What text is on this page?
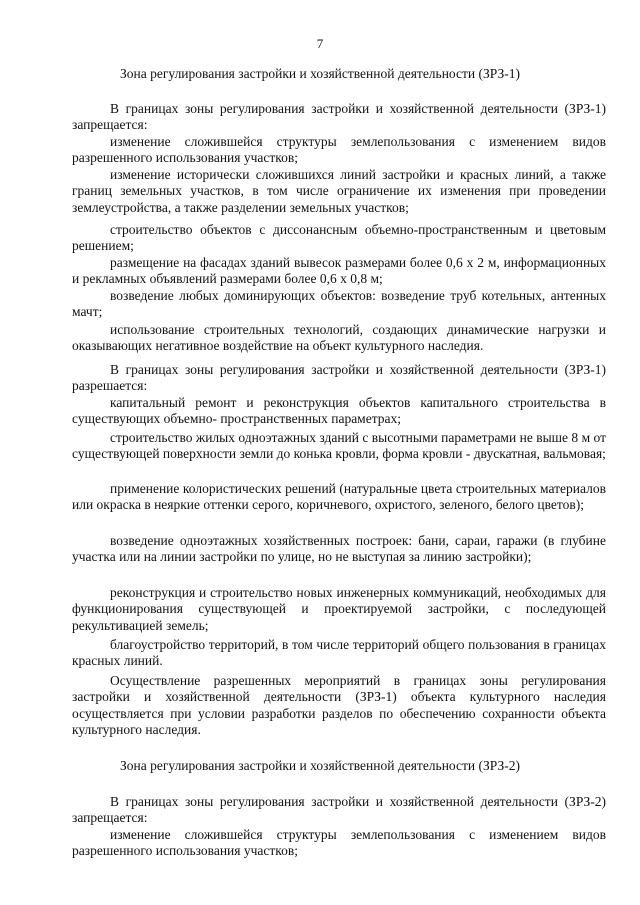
7
Зона регулирования застройки и хозяйственной деятельности (ЗРЗ-1)

В границах зоны регулирования застройки и хозяйственной деятельности (ЗРЗ-1) запрещается:

изменение сложившейся структуры землепользования с изменением видов разрешенного использования участков;

изменение исторически сложившихся линий застройки и красных линий, а также границ земельных участков, в том числе ограничение их изменения при проведении землеустройства, а также разделении земельных участков;

строительство объектов с диссонансным объемно-пространственным и цветовым решением;

размещение на фасадах зданий вывесок размерами более 0,6 х 2 м, информационных и рекламных объявлений размерами более 0,6 х 0,8 м;

возведение любых доминирующих объектов: возведение труб котельных, антенных мачт;

использование строительных технологий, создающих динамические нагрузки и оказывающих негативное воздействие на объект культурного наследия.

В границах зоны регулирования застройки и хозяйственной деятельности (ЗРЗ-1) разрешается:

капитальный ремонт и реконструкция объектов капитального строительства в существующих объемно- пространственных параметрах;

строительство жилых одноэтажных зданий с высотными параметрами не выше 8 м от существующей поверхности земли до конька кровли, форма кровли - двускатная, вальмовая;

применение колористических решений (натуральные цвета строительных материалов или окраска в неяркие оттенки серого, коричневого, охристого, зеленого, белого цветов);

возведение одноэтажных хозяйственных построек: бани, сараи, гаражи (в глубине участка или на линии застройки по улице, но не выступая за линию застройки);

реконструкция и строительство новых инженерных коммуникаций, необходимых для функционирования существующей и проектируемой застройки, с последующей рекультивацией земель;

благоустройство территорий, в том числе территорий общего пользования в границах красных линий.

Осуществление разрешенных мероприятий в границах зоны регулирования застройки и хозяйственной деятельности (ЗРЗ-1) объекта культурного наследия осуществляется при условии разработки разделов по обеспечению сохранности объекта культурного наследия.

Зона регулирования застройки и хозяйственной деятельности (ЗРЗ-2)

В границах зоны регулирования застройки и хозяйственной деятельности (ЗРЗ-2) запрещается:

изменение сложившейся структуры землепользования с изменением видов разрешенного использования участков;
